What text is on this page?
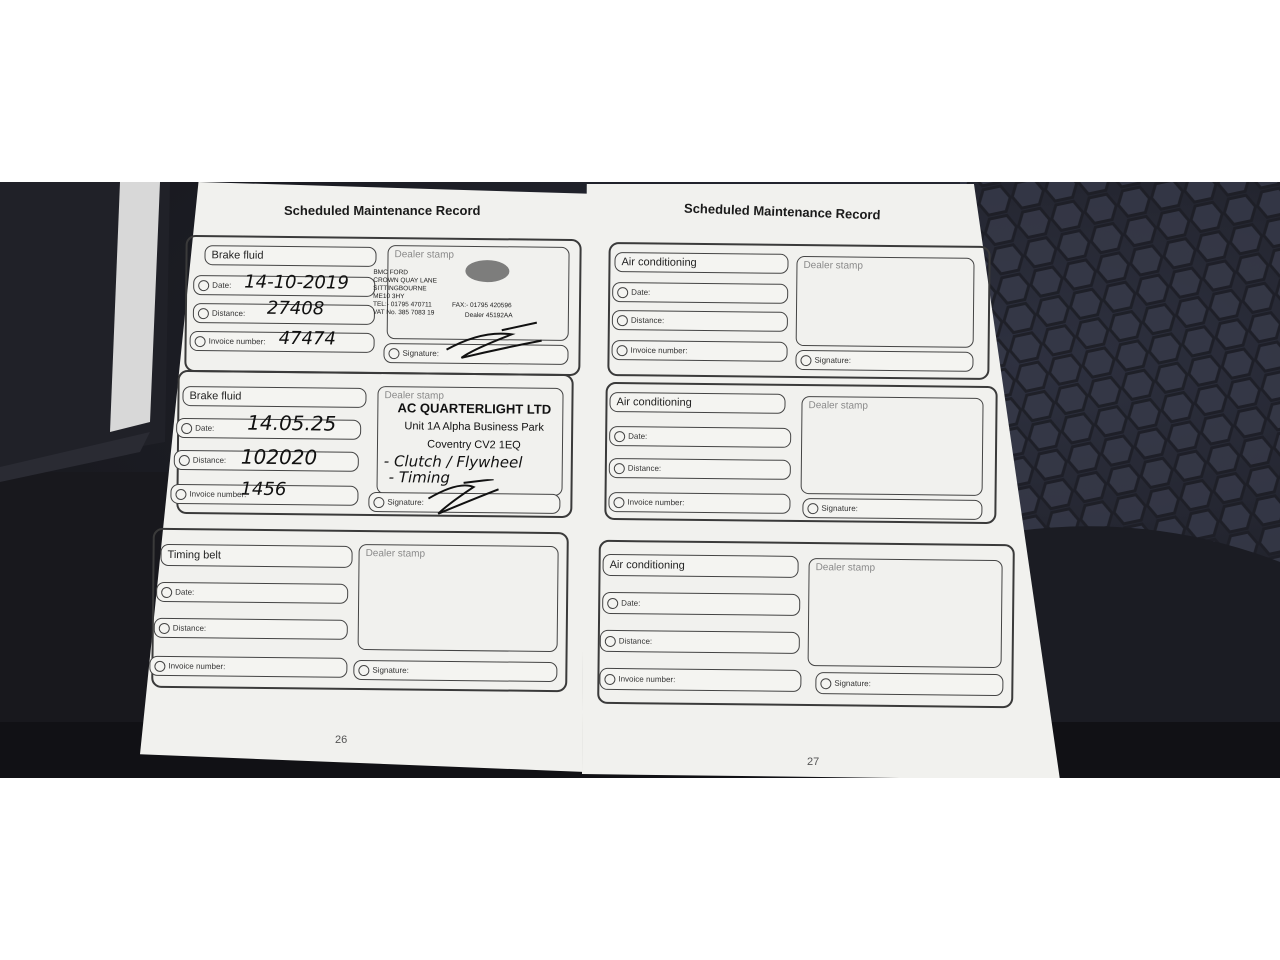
Scheduled Maintenance Record
Brake fluid
Date:
Distance:
Invoice number:
Dealer stamp
Signature:
14-10-2019
27408
47474
BMC FORD
CROWN QUAY LANE
SITTINGBOURNE
ME10 3HY
TEL:- 01795 470711
VAT No. 385 7083 19
FAX:- 01795 420596
Dealer 45192AA
Brake fluid
Date:
Distance:
Invoice number:
Dealer stamp
Signature:
14.05.25
102020
1456
AC QUARTERLIGHT LTD
Unit 1A Alpha Business Park
Coventry CV2 1EQ
- Clutch / Flywheel
- Timing
Timing belt
Date:
Distance:
Invoice number:
Dealer stamp
Signature:
26
Scheduled Maintenance Record
Air conditioning
Date:
Distance:
Invoice number:
Dealer stamp
Signature:
Air conditioning
Date:
Distance:
Invoice number:
Dealer stamp
Signature:
Air conditioning
Date:
Distance:
Invoice number:
Dealer stamp
Signature:
27
